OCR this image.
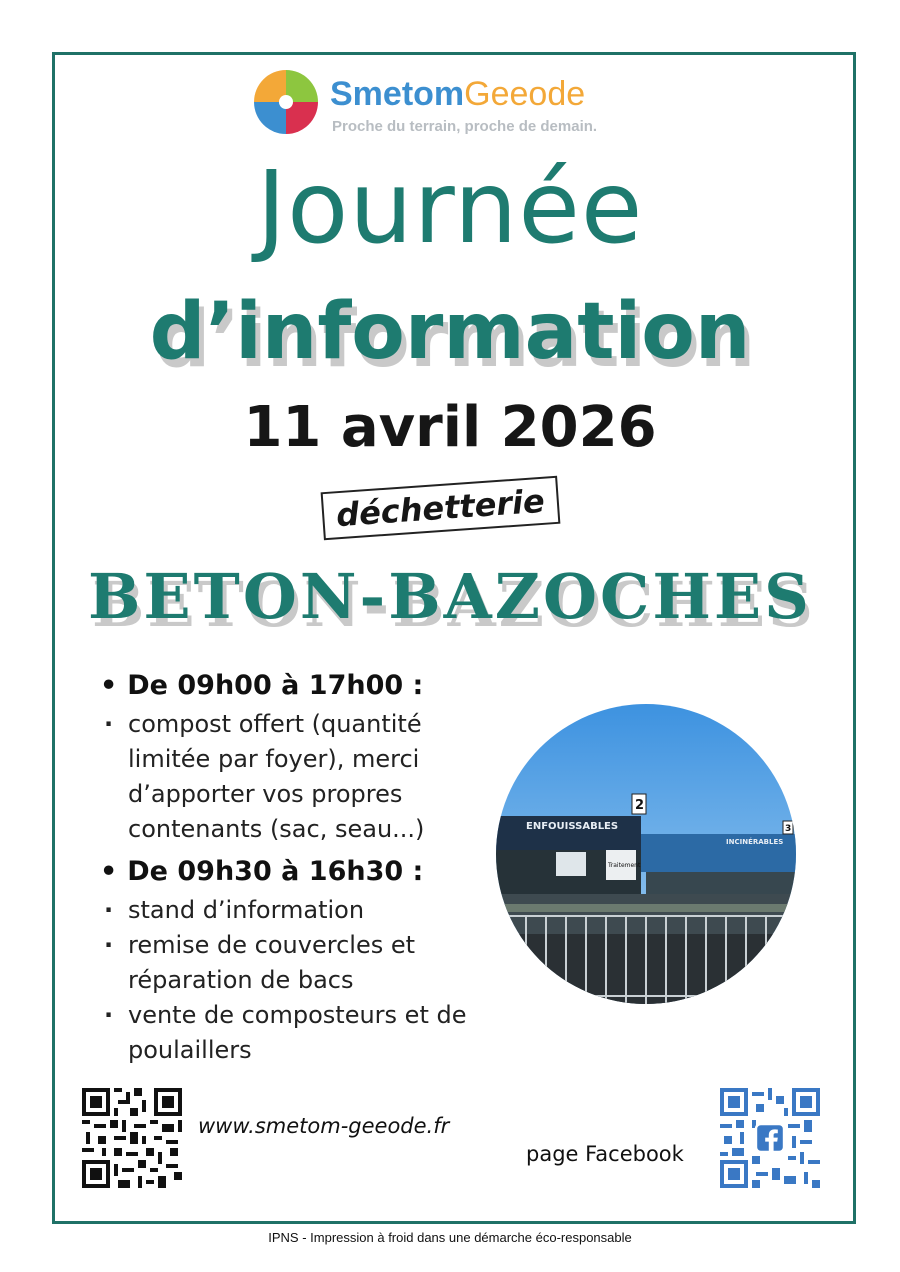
SmetomGeeode
Proche du terrain, proche de demain.
Journée
d’information
11 avril 2026
déchetterie
BETON-BAZOCHES

• De 09h00 à 17h00 :

· compost offert (quantité limitée par foyer), merci d’apporter vos propres contenants (sac, seau...)

• De 09h30 à 16h30 :

· stand d’information
· remise de couvercles et réparation de bacs
· vente de composteurs et de poulaillers
ENFOUISSABLES
2
INCINÉRABLES
3
Traitement
www.smetom-geeode.fr
page Facebook
IPNS - Impression à froid dans une démarche éco-responsable
